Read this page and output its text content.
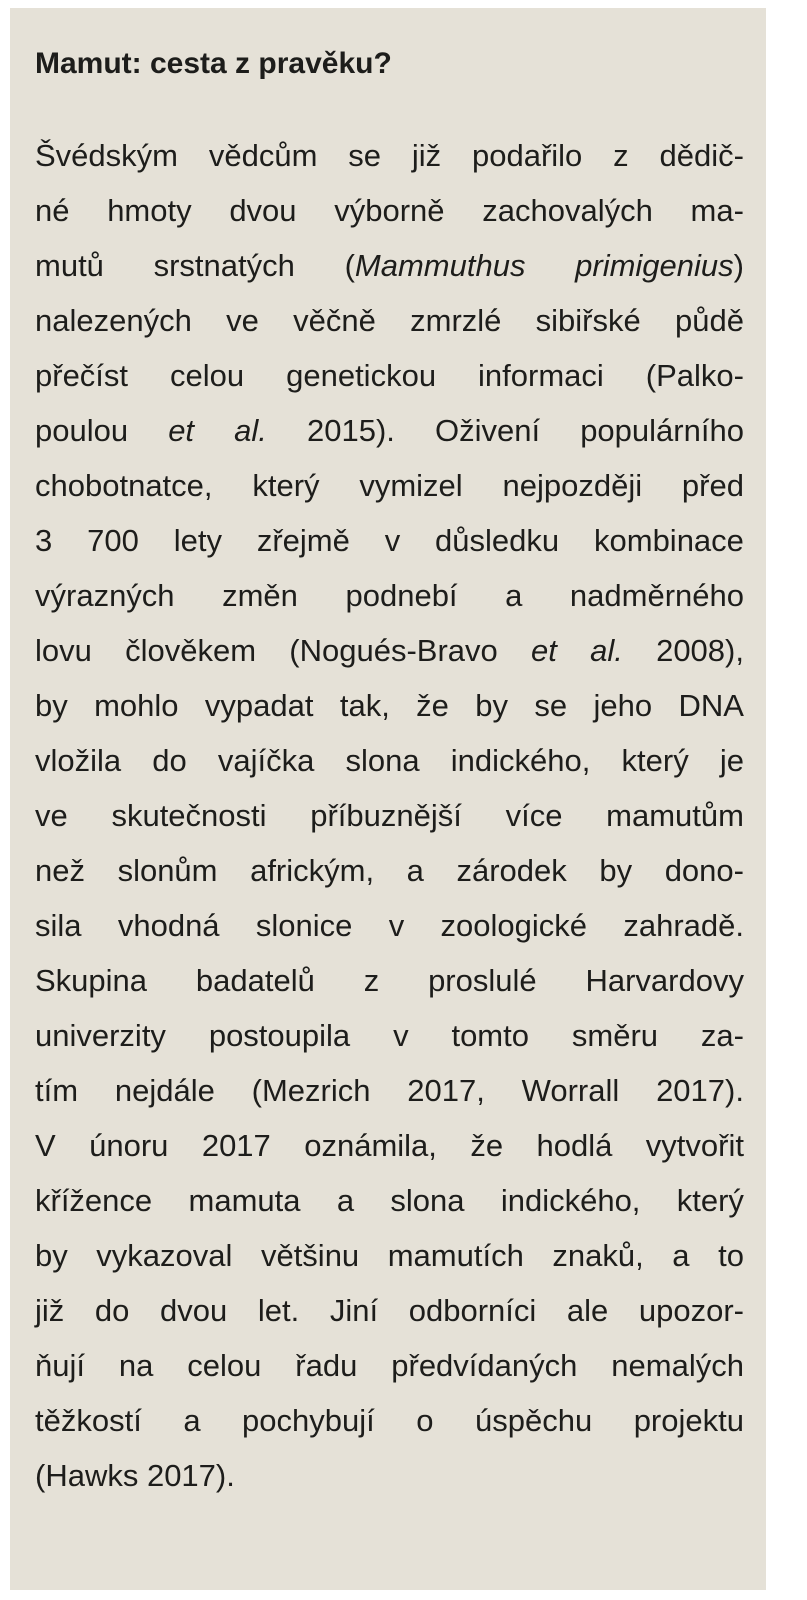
Mamut: cesta z pravěku?
Švédským vědcům se již podařilo z dědič-
né hmoty dvou výborně zachovalých ma-
mutů srstnatých (Mammuthus primigenius)
nalezených ve věčně zmrzlé sibiřské půdě
přečíst celou genetickou informaci (Palko-
poulou et al. 2015). Oživení populárního
chobotnatce, který vymizel nejpozději před
3 700 lety zřejmě v důsledku kombinace
výrazných změn podnebí a nadměrného
lovu člověkem (Nogués-Bravo et al. 2008),
by mohlo vypadat tak, že by se jeho DNA
vložila do vajíčka slona indického, který je
ve skutečnosti příbuznější více mamutům
než slonům africkým, a zárodek by dono-
sila vhodná slonice v zoologické zahradě.
Skupina badatelů z proslulé Harvardovy
univerzity postoupila v tomto směru za-
tím nejdále (Mezrich 2017, Worrall 2017).
V únoru 2017 oznámila, že hodlá vytvořit
křížence mamuta a slona indického, který
by vykazoval většinu mamutích znaků, a to
již do dvou let. Jiní odborníci ale upozor-
ňují na celou řadu předvídaných nemalých
těžkostí a pochybují o úspěchu projektu
(Hawks 2017).
